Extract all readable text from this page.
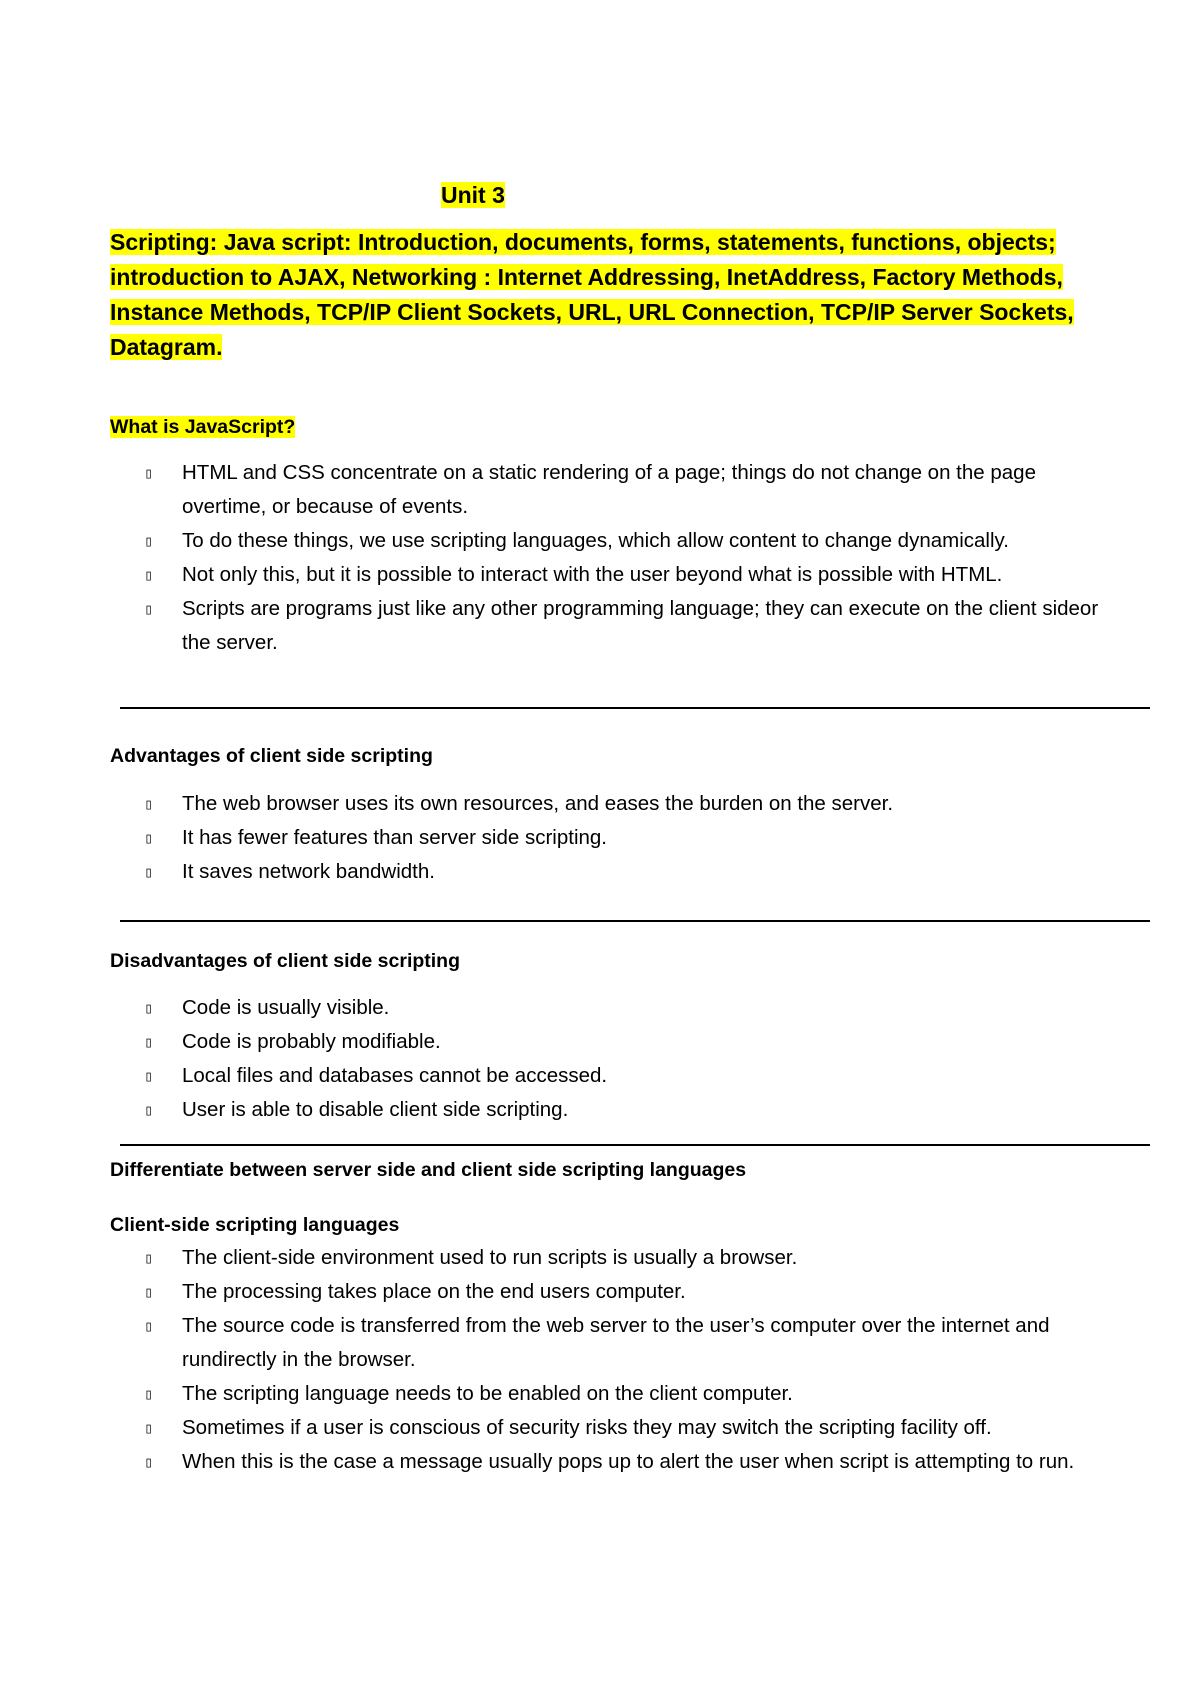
Unit 3
Scripting: Java script: Introduction, documents, forms, statements, functions, objects; introduction to AJAX, Networking : Internet Addressing, InetAddress, Factory Methods, Instance Methods, TCP/IP Client Sockets, URL, URL Connection, TCP/IP Server Sockets, Datagram.
What is JavaScript?
▯ HTML and CSS concentrate on a static rendering of a page; things do not change on the page overtime, or because of events.
▯ To do these things, we use scripting languages, which allow content to change dynamically.
▯ Not only this, but it is possible to interact with the user beyond what is possible with HTML.
▯ Scripts are programs just like any other programming language; they can execute on the client sideor the server.
Advantages of client side scripting
▯ The web browser uses its own resources, and eases the burden on the server.
▯ It has fewer features than server side scripting.
▯ It saves network bandwidth.
Disadvantages of client side scripting
▯ Code is usually visible.
▯ Code is probably modifiable.
▯ Local files and databases cannot be accessed.
▯ User is able to disable client side scripting.
Differentiate between server side and client side scripting languages
Client-side scripting languages
▯ The client-side environment used to run scripts is usually a browser.
▯ The processing takes place on the end users computer.
▯ The source code is transferred from the web server to the user’s computer over the internet and rundirectly in the browser.
▯ The scripting language needs to be enabled on the client computer.
▯ Sometimes if a user is conscious of security risks they may switch the scripting facility off.
▯ When this is the case a message usually pops up to alert the user when script is attempting to run.
